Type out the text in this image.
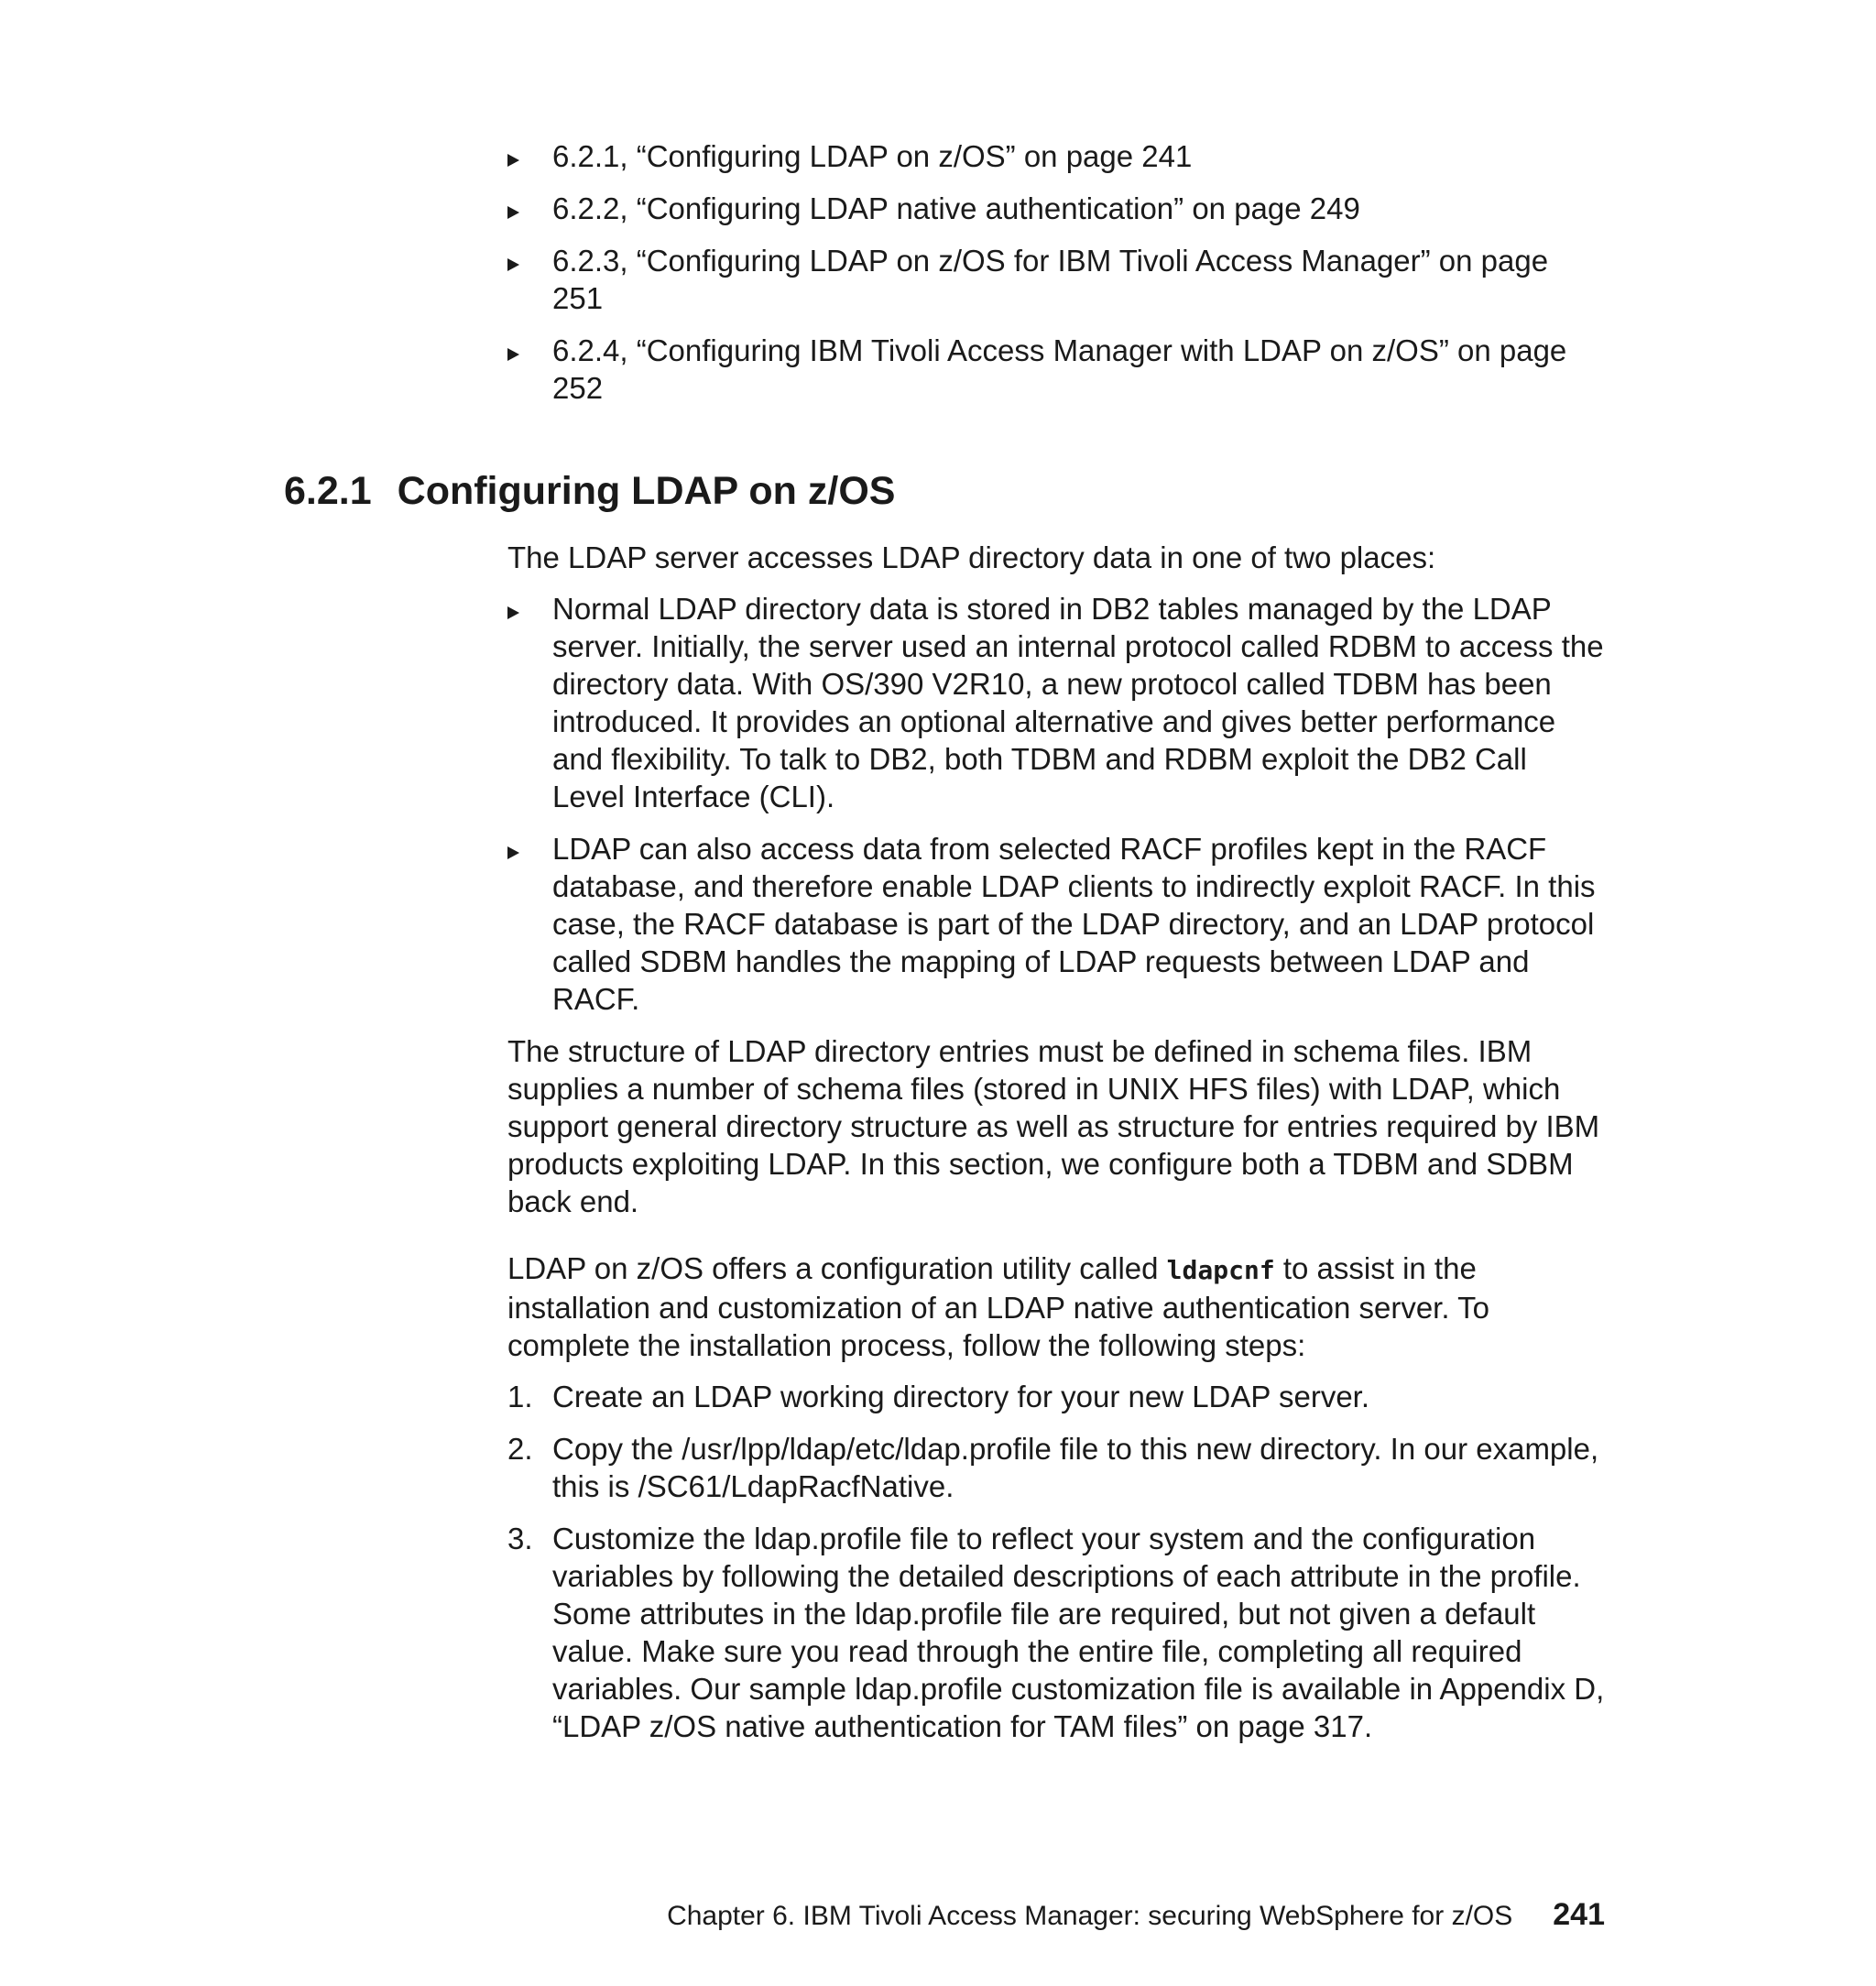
6.2.1, “Configuring LDAP on z/OS” on page 241
6.2.2, “Configuring LDAP native authentication” on page 249
6.2.3, “Configuring LDAP on z/OS for IBM Tivoli Access Manager” on page 251
6.2.4, “Configuring IBM Tivoli Access Manager with LDAP on z/OS” on page 252
6.2.1 Configuring LDAP on z/OS

The LDAP server accesses LDAP directory data in one of two places:

Normal LDAP directory data is stored in DB2 tables managed by the LDAP server. Initially, the server used an internal protocol called RDBM to access the directory data. With OS/390 V2R10, a new protocol called TDBM has been introduced. It provides an optional alternative and gives better performance and flexibility. To talk to DB2, both TDBM and RDBM exploit the DB2 Call Level Interface (CLI).
LDAP can also access data from selected RACF profiles kept in the RACF database, and therefore enable LDAP clients to indirectly exploit RACF. In this case, the RACF database is part of the LDAP directory, and an LDAP protocol called SDBM handles the mapping of LDAP requests between LDAP and RACF.

The structure of LDAP directory entries must be defined in schema files. IBM supplies a number of schema files (stored in UNIX HFS files) with LDAP, which support general directory structure as well as structure for entries required by IBM products exploiting LDAP. In this section, we configure both a TDBM and SDBM back end.

LDAP on z/OS offers a configuration utility called ldapcnf to assist in the installation and customization of an LDAP native authentication server. To complete the installation process, follow the following steps:

1. Create an LDAP working directory for your new LDAP server.
2. Copy the /usr/lpp/ldap/etc/ldap.profile file to this new directory. In our example, this is /SC61/LdapRacfNative.
3. Customize the ldap.profile file to reflect your system and the configuration variables by following the detailed descriptions of each attribute in the profile. Some attributes in the ldap.profile file are required, but not given a default value. Make sure you read through the entire file, completing all required variables. Our sample ldap.profile customization file is available in Appendix D, “LDAP z/OS native authentication for TAM files” on page 317.
Chapter 6. IBM Tivoli Access Manager: securing WebSphere for z/OS 241
